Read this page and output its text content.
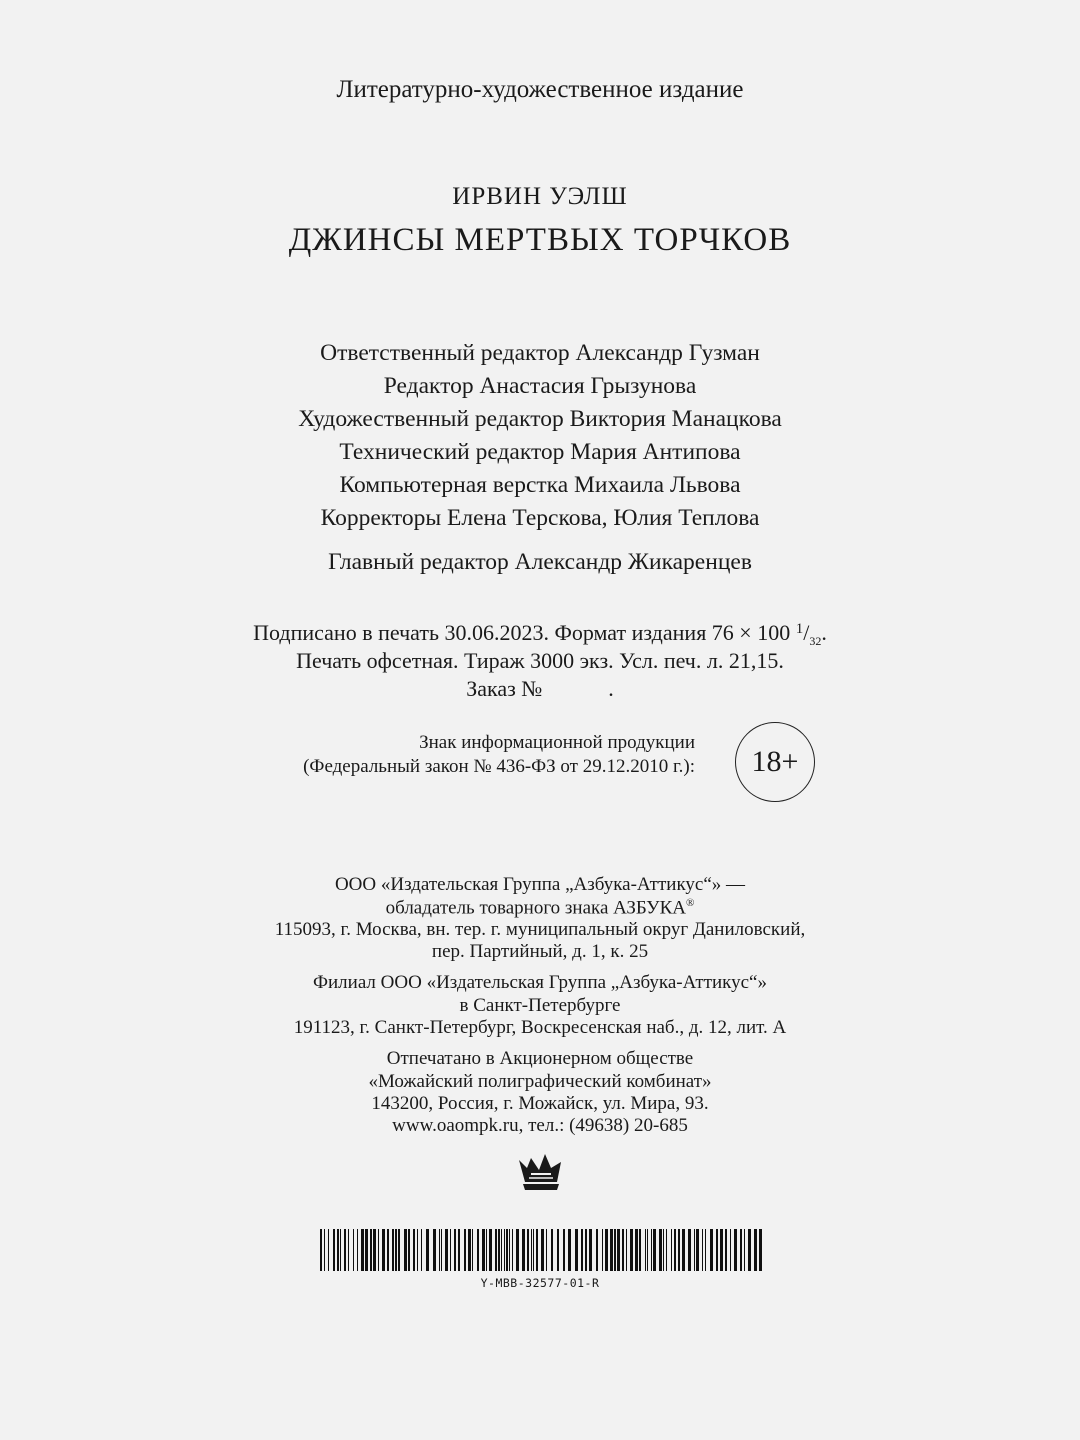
Литературно-художественное издание
ИРВИН УЭЛШ
ДЖИНСЫ МЕРТВЫХ ТОРЧКОВ
Ответственный редактор Александр Гузман
Редактор Анастасия Грызунова
Художественный редактор Виктория Манацкова
Технический редактор Мария Антипова
Компьютерная верстка Михаила Львова
Корректоры Елена Терскова, Юлия Теплова
Главный редактор Александр Жикаренцев
Подписано в печать 30.06.2023. Формат издания 76 × 100 $^1/_{32}$.
Печать офсетная. Тираж 3000 экз. Усл. печ. л. 21,15.
Заказ №            .
Знак информационной продукции
(Федеральный закон № 436-ФЗ от 29.12.2010 г.): 18+
ООО «Издательская Группа „Азбука-Аттикус“» —
обладатель товарного знака АЗБУКА®
115093, г. Москва, вн. тер. г. муниципальный округ Даниловский,
пер. Партийный, д. 1, к. 25
Филиал ООО «Издательская Группа „Азбука-Аттикус“»
в Санкт-Петербурге
191123, г. Санкт-Петербург, Воскресенская наб., д. 12, лит. А
Отпечатано в Акционерном обществе
«Можайский полиграфический комбинат»
143200, Россия, г. Можайск, ул. Мира, 93.
www.oaompk.ru, тел.: (49638) 20-685
Y-MBB-32577-01-R
